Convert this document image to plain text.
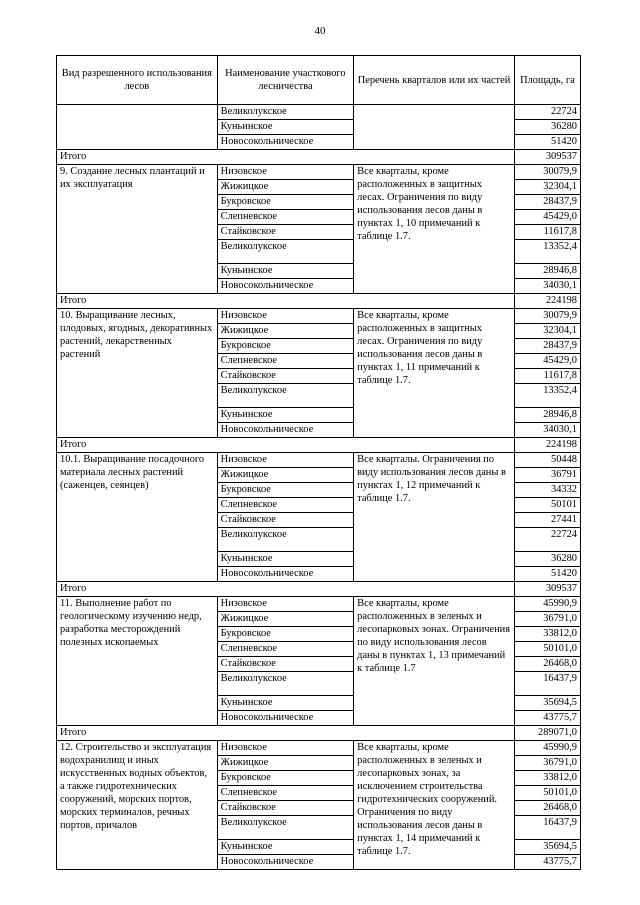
40
Вид разрешенного использования лесов	Наименование участкового лесничества	Перечень кварталов или их частей	Площадь, га
	Великолукское		22724
	Куньинское		36280
	Новосокольническое		51420
Итого			309537
9. Создание лесных плантаций и их эксплуатация	Низовское	Все кварталы, кроме расположенных в защитных лесах. Ограничения по виду использования лесов даны в пунктах 1, 10 примечаний к таблице 1.7.	30079,9
	Жижицкое		32304,1
	Букровское		28437,9
	Слепневское		45429,0
	Стайковское		11617,8
	Великолукское		13352,4
	Куньинское		28946,8
	Новосокольническое		34030,1
Итого			224198
10. Выращивание лесных, плодовых, ягодных, декоративных растений, лекарственных растений	Низовское	Все кварталы, кроме расположенных в защитных лесах. Ограничения по виду использования лесов даны в пунктах 1, 11 примечаний к таблице 1.7.	30079,9
	Жижицкое		32304,1
	Букровское		28437,9
	Слепневское		45429,0
	Стайковское		11617,8
	Великолукское		13352,4
	Куньинское		28946,8
	Новосокольническое		34030,1
Итого			224198
10.1. Выращивание посадочного материала лесных растений (саженцев, сеянцев)	Низовское	Все кварталы. Ограничения по виду использования лесов даны в пунктах 1, 12 примечаний к таблице 1.7.	50448
	Жижицкое		36791
	Букровское		34332
	Слепневское		50101
	Стайковское		27441
	Великолукское		22724
	Куньинское		36280
	Новосокольническое		51420
Итого			309537
11. Выполнение работ по геологическому изучению недр, разработка месторождений полезных ископаемых	Низовское	Все кварталы, кроме расположенных в зеленых и лесопарковых зонах. Ограничения по виду использования лесов даны в пунктах 1, 13 примечаний к таблице 1.7	45990,9
	Жижицкое		36791,0
	Букровское		33812,0
	Слепневское		50101,0
	Стайковское		26468,0
	Великолукское		16437,9
	Куньинское		35694,5
	Новосокольническое		43775,7
Итого			289071,0
12. Строительство и эксплуатация водохранилищ и иных искусственных водных объектов, а также гидротехнических сооружений, морских портов, морских терминалов, речных портов, причалов	Низовское	Все кварталы, кроме расположенных в зеленых и лесопарковых зонах, за исключением строительства гидротехнических сооружений. Ограничения по виду использования лесов даны в пунктах 1, 14 примечаний к таблице 1.7.	45990,9
	Жижицкое		36791,0
	Букровское		33812,0
	Слепневское		50101,0
	Стайковское		26468,0
	Великолукское		16437,9
	Куньинское		35694,5
	Новосокольническое		43775,7
